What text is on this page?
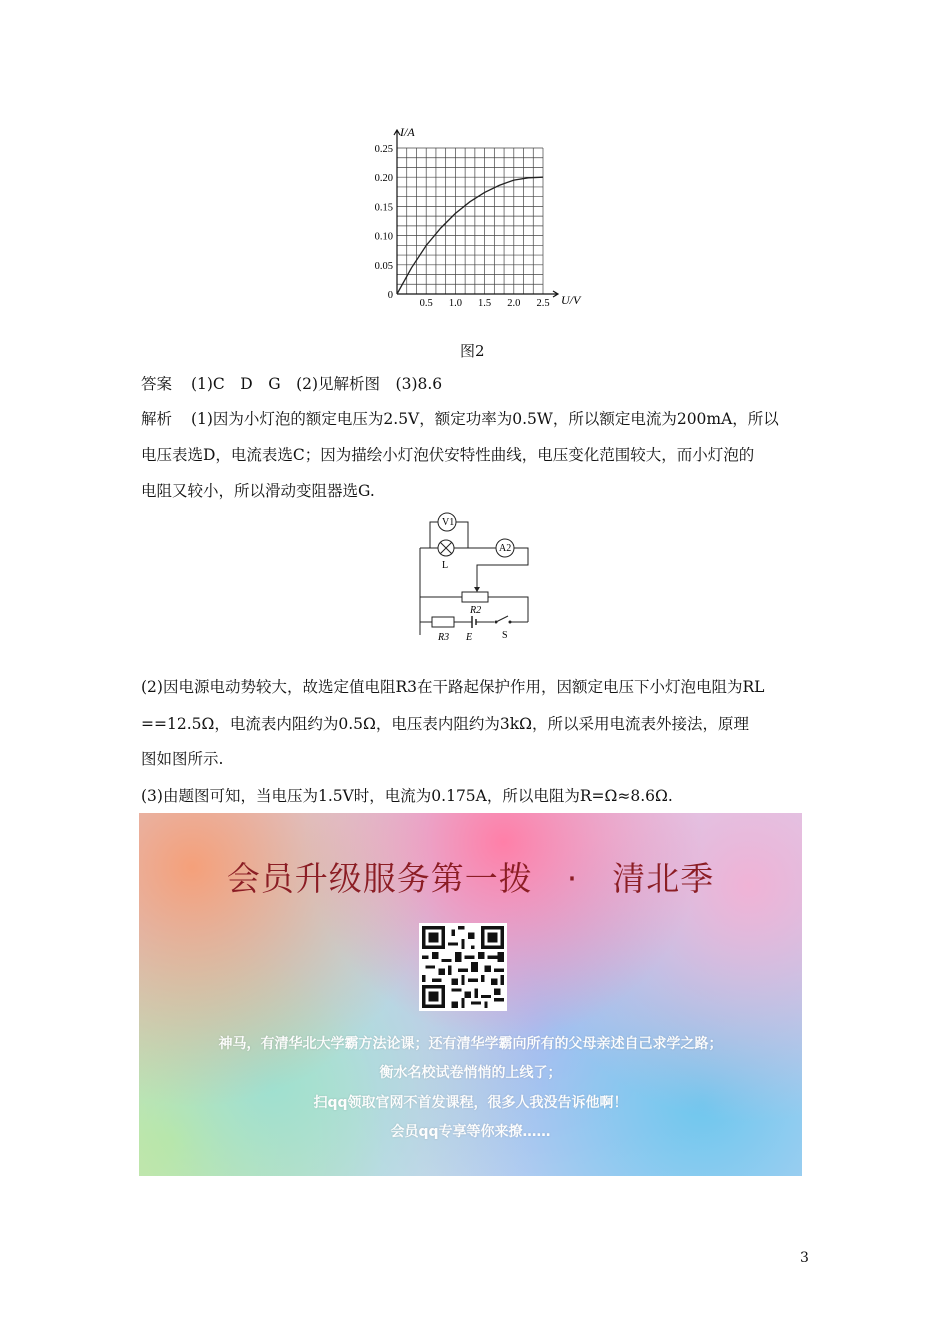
0.5 1.0 1.5 2.0 2.5
0.25
0.20
0.15
0.10
0.05
0
I/A
U/V
图2
答案 (1)C　D　G　(2)见解析图　(3)8.6
解析 (1)因为小灯泡的额定电压为2.5V，额定功率为0.5W，所以额定电流为200mA，所以
电压表选D，电流表选C；因为描绘小灯泡伏安特性曲线，电压变化范围较大，而小灯泡的
电阻又较小，所以滑动变阻器选G.
V1
L
A2
R2
R3 E	S
(2)因电源电动势较大，故选定值电阻R3在干路起保护作用，因额定电压下小灯泡电阻为RL
==12.5Ω，电流表内阻约为0.5Ω，电压表内阻约为3kΩ，所以采用电流表外接法，原理
图如图所示.
(3)由题图可知，当电压为1.5V时，电流为0.175A，所以电阻为R=Ω≈8.6Ω.
会员升级服务第一拨　·　清北季
神马，有清华北大学霸方法论课；还有清华学霸向所有的父母亲述自己求学之路；
衡水名校试卷悄悄的上线了；
扫qq领取官网不首发课程，很多人我没告诉他啊！
会员qq专享等你来撩……
3
